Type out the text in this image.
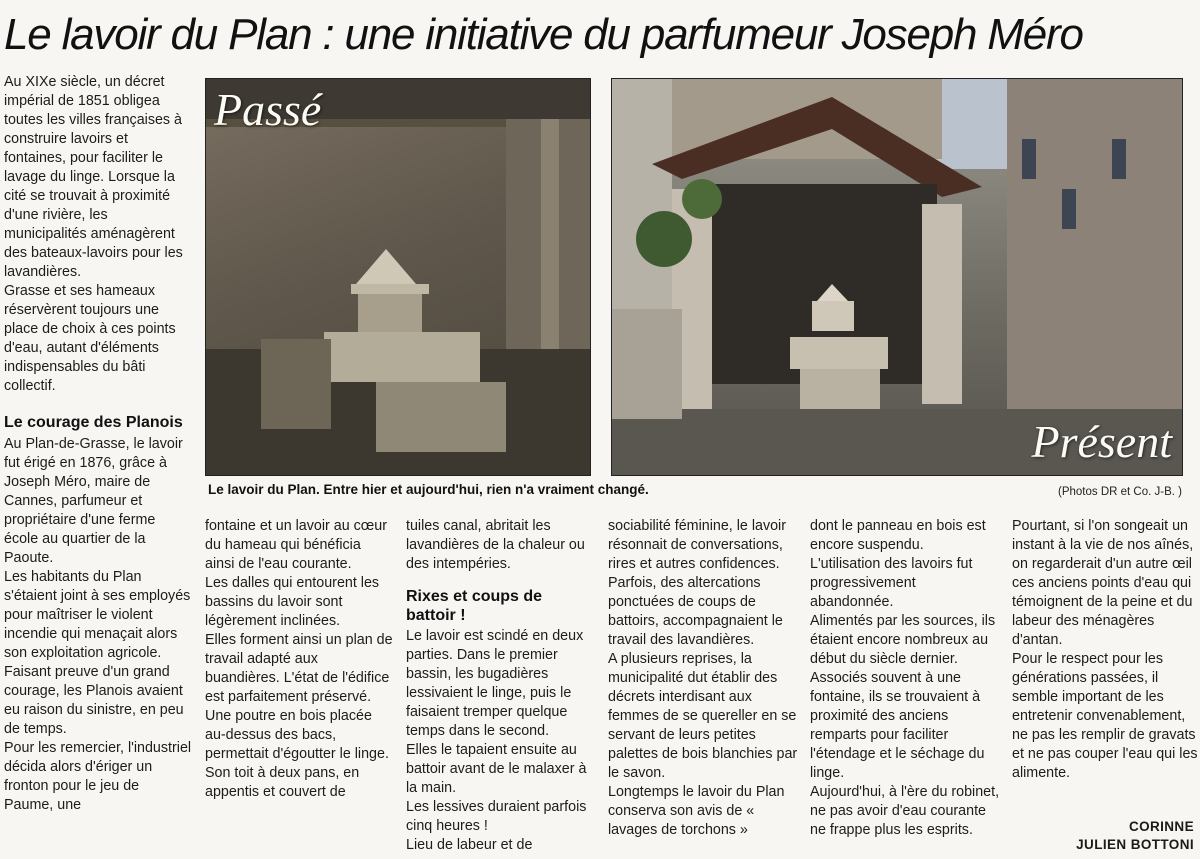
Le lavoir du Plan : une initiative du parfumeur Joseph Méro

Au XIXe siècle, un décret impérial de 1851 obligea toutes les villes françaises à construire lavoirs et fontaines, pour faciliter le lavage du linge. Lorsque la cité se trouvait à proximité d'une rivière, les municipalités aménagèrent des bateaux-lavoirs pour les lavandières.

Grasse et ses hameaux réservèrent toujours une place de choix à ces points d'eau, autant d'éléments indispensables du bâti collectif.

Le courage des Planois

Au Plan-de-Grasse, le lavoir fut érigé en 1876, grâce à Joseph Méro, maire de Cannes, parfumeur et propriétaire d'une ferme école au quartier de la Paoute.

Les habitants du Plan s'étaient joint à ses employés pour maîtriser le violent incendie qui menaçait alors son exploitation agricole.

Faisant preuve d'un grand courage, les Planois avaient eu raison du sinistre, en peu de temps.

Pour les remercier, l'industriel décida alors d'ériger un fronton pour le jeu de Paume, une

Passé
Présent
Le lavoir du Plan. Entre hier et aujourd'hui, rien n'a vraiment changé.	(Photos DR et Co. J-B. )

fontaine et un lavoir au cœur du hameau qui bénéficia ainsi de l'eau courante.

Les dalles qui entourent les bassins du lavoir sont légèrement inclinées.

Elles forment ainsi un plan de travail adapté aux buandières. L'état de l'édifice est parfaitement préservé.

Une poutre en bois placée au-dessus des bacs, permettait d'égoutter le linge.

Son toit à deux pans, en appentis et couvert de

tuiles canal, abritait les lavandières de la chaleur ou des intempéries.

Rixes et coups de battoir !

Le lavoir est scindé en deux parties. Dans le premier bassin, les bugadières lessivaient le linge, puis le faisaient tremper quelque temps dans le second.

Elles le tapaient ensuite au battoir avant de le malaxer à la main.

Les lessives duraient parfois cinq heures !

Lieu de labeur et de

sociabilité féminine, le lavoir résonnait de conversations, rires et autres confidences.

Parfois, des altercations ponctuées de coups de battoirs, accompagnaient le travail des lavandières.

A plusieurs reprises, la municipalité dut établir des décrets interdisant aux femmes de se quereller en se servant de leurs petites palettes de bois blanchies par le savon.

Longtemps le lavoir du Plan conserva son avis de « lavages de torchons »

dont le panneau en bois est encore suspendu.

L'utilisation des lavoirs fut progressivement abandonnée.

Alimentés par les sources, ils étaient encore nombreux au début du siècle dernier. Associés souvent à une fontaine, ils se trouvaient à proximité des anciens remparts pour faciliter l'étendage et le séchage du linge.

Aujourd'hui, à l'ère du robinet, ne pas avoir d'eau courante ne frappe plus les esprits.

Pourtant, si l'on songeait un instant à la vie de nos aînés, on regarderait d'un autre œil ces anciens points d'eau qui témoignent de la peine et du labeur des ménagères d'antan.

Pour le respect pour les générations passées, il semble important de les entretenir convenablement, ne pas les remplir de gravats et ne pas couper l'eau qui les alimente.

CORINNE
JULIEN BOTTONI
